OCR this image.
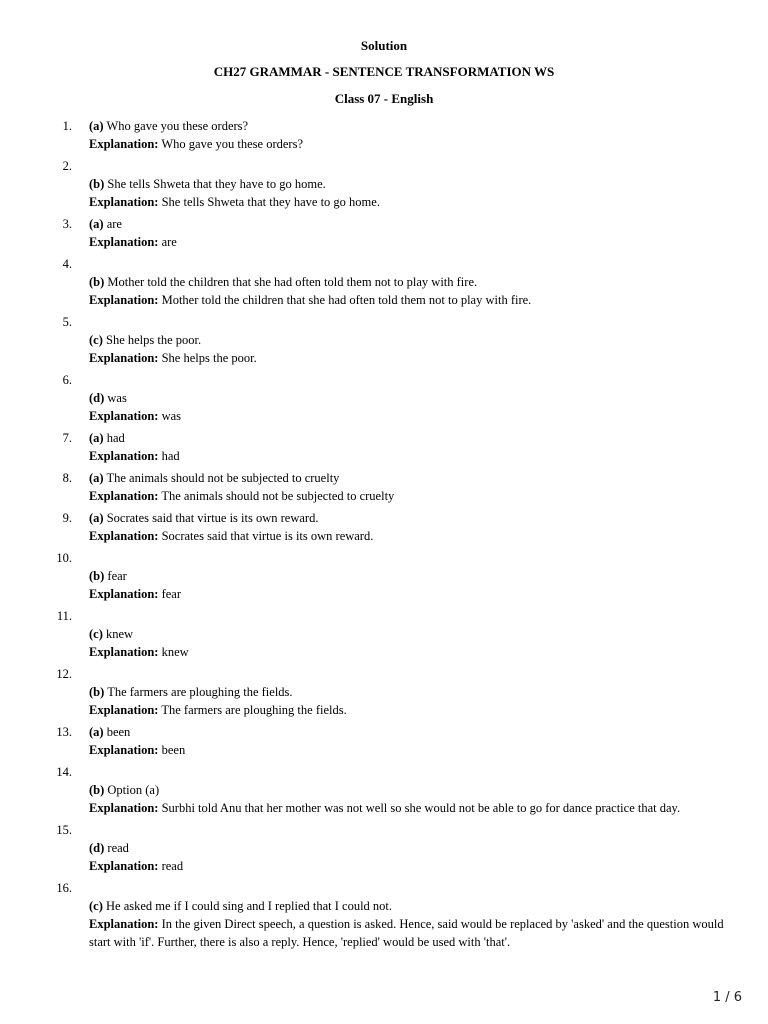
Solution
CH27 GRAMMAR - SENTENCE TRANSFORMATION WS
Class 07 - English
1. (a) Who gave you these orders?
Explanation: Who gave you these orders?
2.
(b) She tells Shweta that they have to go home.
Explanation: She tells Shweta that they have to go home.
3. (a) are
Explanation: are
4.
(b) Mother told the children that she had often told them not to play with fire.
Explanation: Mother told the children that she had often told them not to play with fire.
5.
(c) She helps the poor.
Explanation: She helps the poor.
6.
(d) was
Explanation: was
7. (a) had
Explanation: had
8. (a) The animals should not be subjected to cruelty
Explanation: The animals should not be subjected to cruelty
9. (a) Socrates said that virtue is its own reward.
Explanation: Socrates said that virtue is its own reward.
10.
(b) fear
Explanation: fear
11.
(c) knew
Explanation: knew
12.
(b) The farmers are ploughing the fields.
Explanation: The farmers are ploughing the fields.
13. (a) been
Explanation: been
14.
(b) Option (a)
Explanation: Surbhi told Anu that her mother was not well so she would not be able to go for dance practice that day.
15.
(d) read
Explanation: read
16.
(c) He asked me if I could sing and I replied that I could not.
Explanation: In the given Direct speech, a question is asked. Hence, said would be replaced by 'asked' and the question would start with 'if'. Further, there is also a reply. Hence, 'replied' would be used with 'that'.
1 / 6
